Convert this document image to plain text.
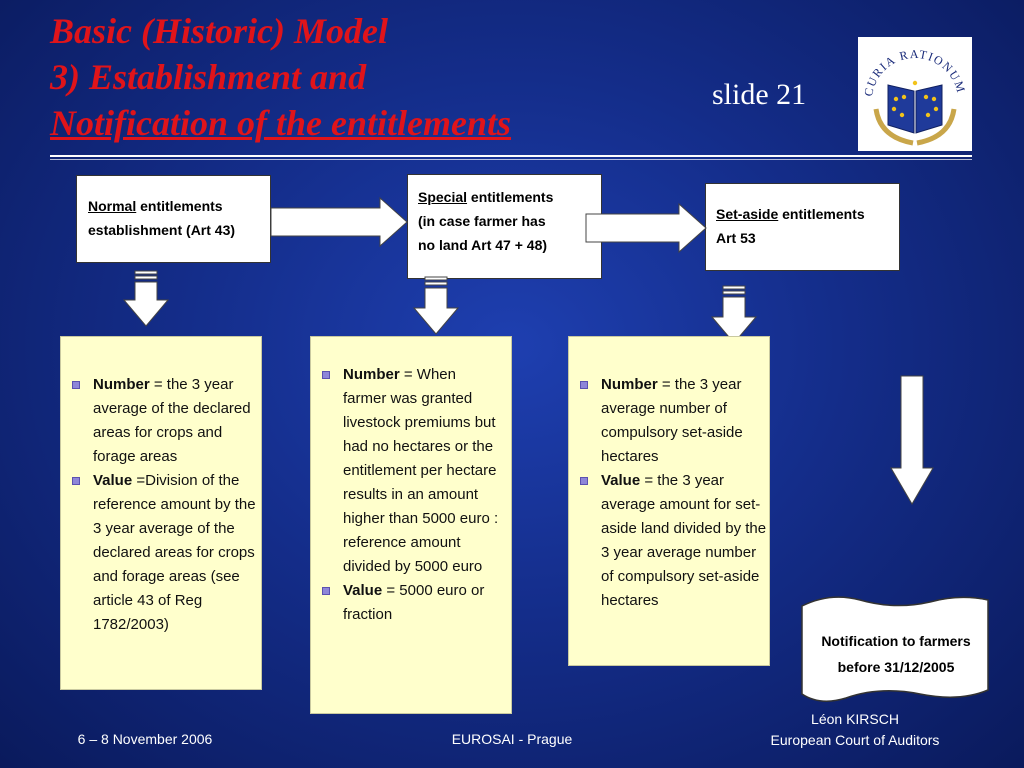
Basic (Historic) Model
3) Establishment and
Notification of the entitlements
slide 21	CURIA RATIONUM
Normal entitlements
establishment (Art 43)
Special entitlements
(in case farmer has
no land Art 47 + 48)
Set-aside entitlements
Art 53
Number = the 3 year average of the declared areas for crops and forage areas
Value =Division of the reference amount by the 3 year average of the declared areas for crops and forage areas (see article 43 of Reg 1782/2003)
Number = When farmer was granted livestock premiums but had no hectares or the entitlement per hectare results in an amount higher than 5000 euro : reference amount divided by 5000 euro
Value = 5000 euro or fraction
Number = the 3 year average number of compulsory set-aside hectares
Value = the 3 year average amount for set-aside land divided by the 3 year average number of compulsory set-aside hectares
Notification to farmers
before 31/12/2005
6 – 8 November 2006	EUROSAI - Prague
Léon KIRSCH
European Court of Auditors
